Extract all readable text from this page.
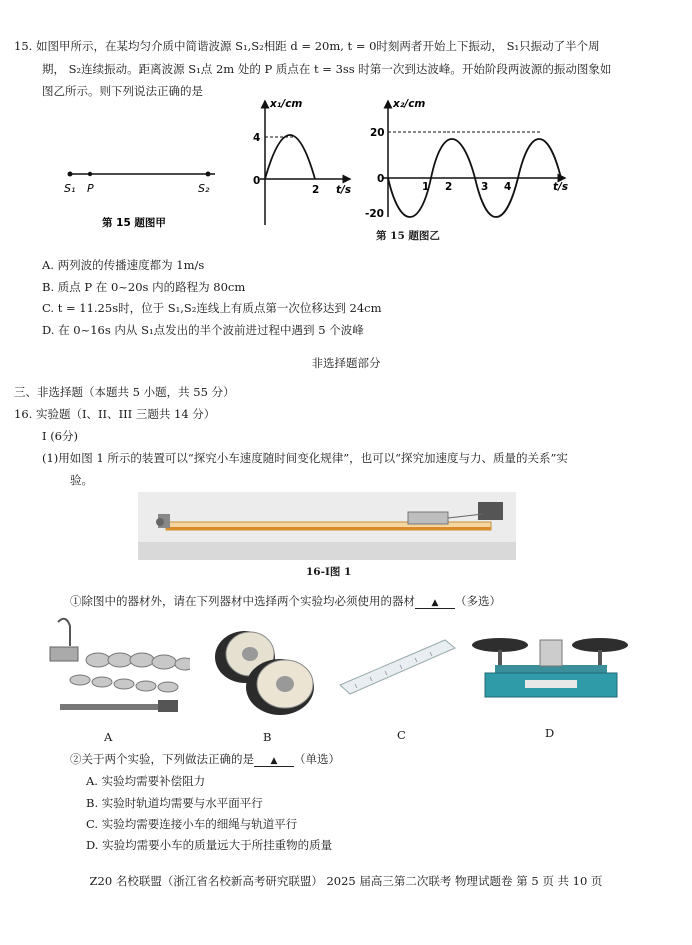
15. 如图甲所示，在某均匀介质中简谐波源 S₁,S₂相距 d = 20m, t = 0时刻两者开始上下振动， S₁只振动了半个周
期， S₂连续振动。距离波源 S₁点 2m 处的 P 质点在 t = 3ss 时第一次到达波峰。开始阶段两波源的振动图象如
图乙所示。则下列说法正确的是
S₁ P	S₂
第 15 题图甲
x₁/cm
4
0
2 t/s
x₂/cm
20
0
-20
1 2	3 4	t/s
第 15 题图乙
A. 两列波的传播速度都为 1m/s
B. 质点 P 在 0~20s 内的路程为 80cm
C. t = 11.25s时，位于 S₁,S₂连线上有质点第一次位移达到 24cm
D. 在 0~16s 内从 S₁点发出的半个波前进过程中遇到 5 个波峰
非选择题部分
三、非选择题（本题共 5 小题，共 55 分）
16. 实验题（I、II、III 三题共 14 分）
I (6分)
(1)用如图 1 所示的装置可以“探究小车速度随时间变化规律”，也可以“探究加速度与力、质量的关系”实
验。
16-I图 1
①除图中的器材外，请在下列器材中选择两个实验均必须使用的器材 ▲ （多选）
A	B	C	D
②关于两个实验，下列做法正确的是 ▲ （单选）
A. 实验均需要补偿阻力
B. 实验时轨道均需要与水平面平行
C. 实验均需要连接小车的细绳与轨道平行
D. 实验均需要小车的质量远大于所挂重物的质量
Z20 名校联盟（浙江省名校新高考研究联盟） 2025 届高三第二次联考 物理试题卷 第 5 页 共 10 页
